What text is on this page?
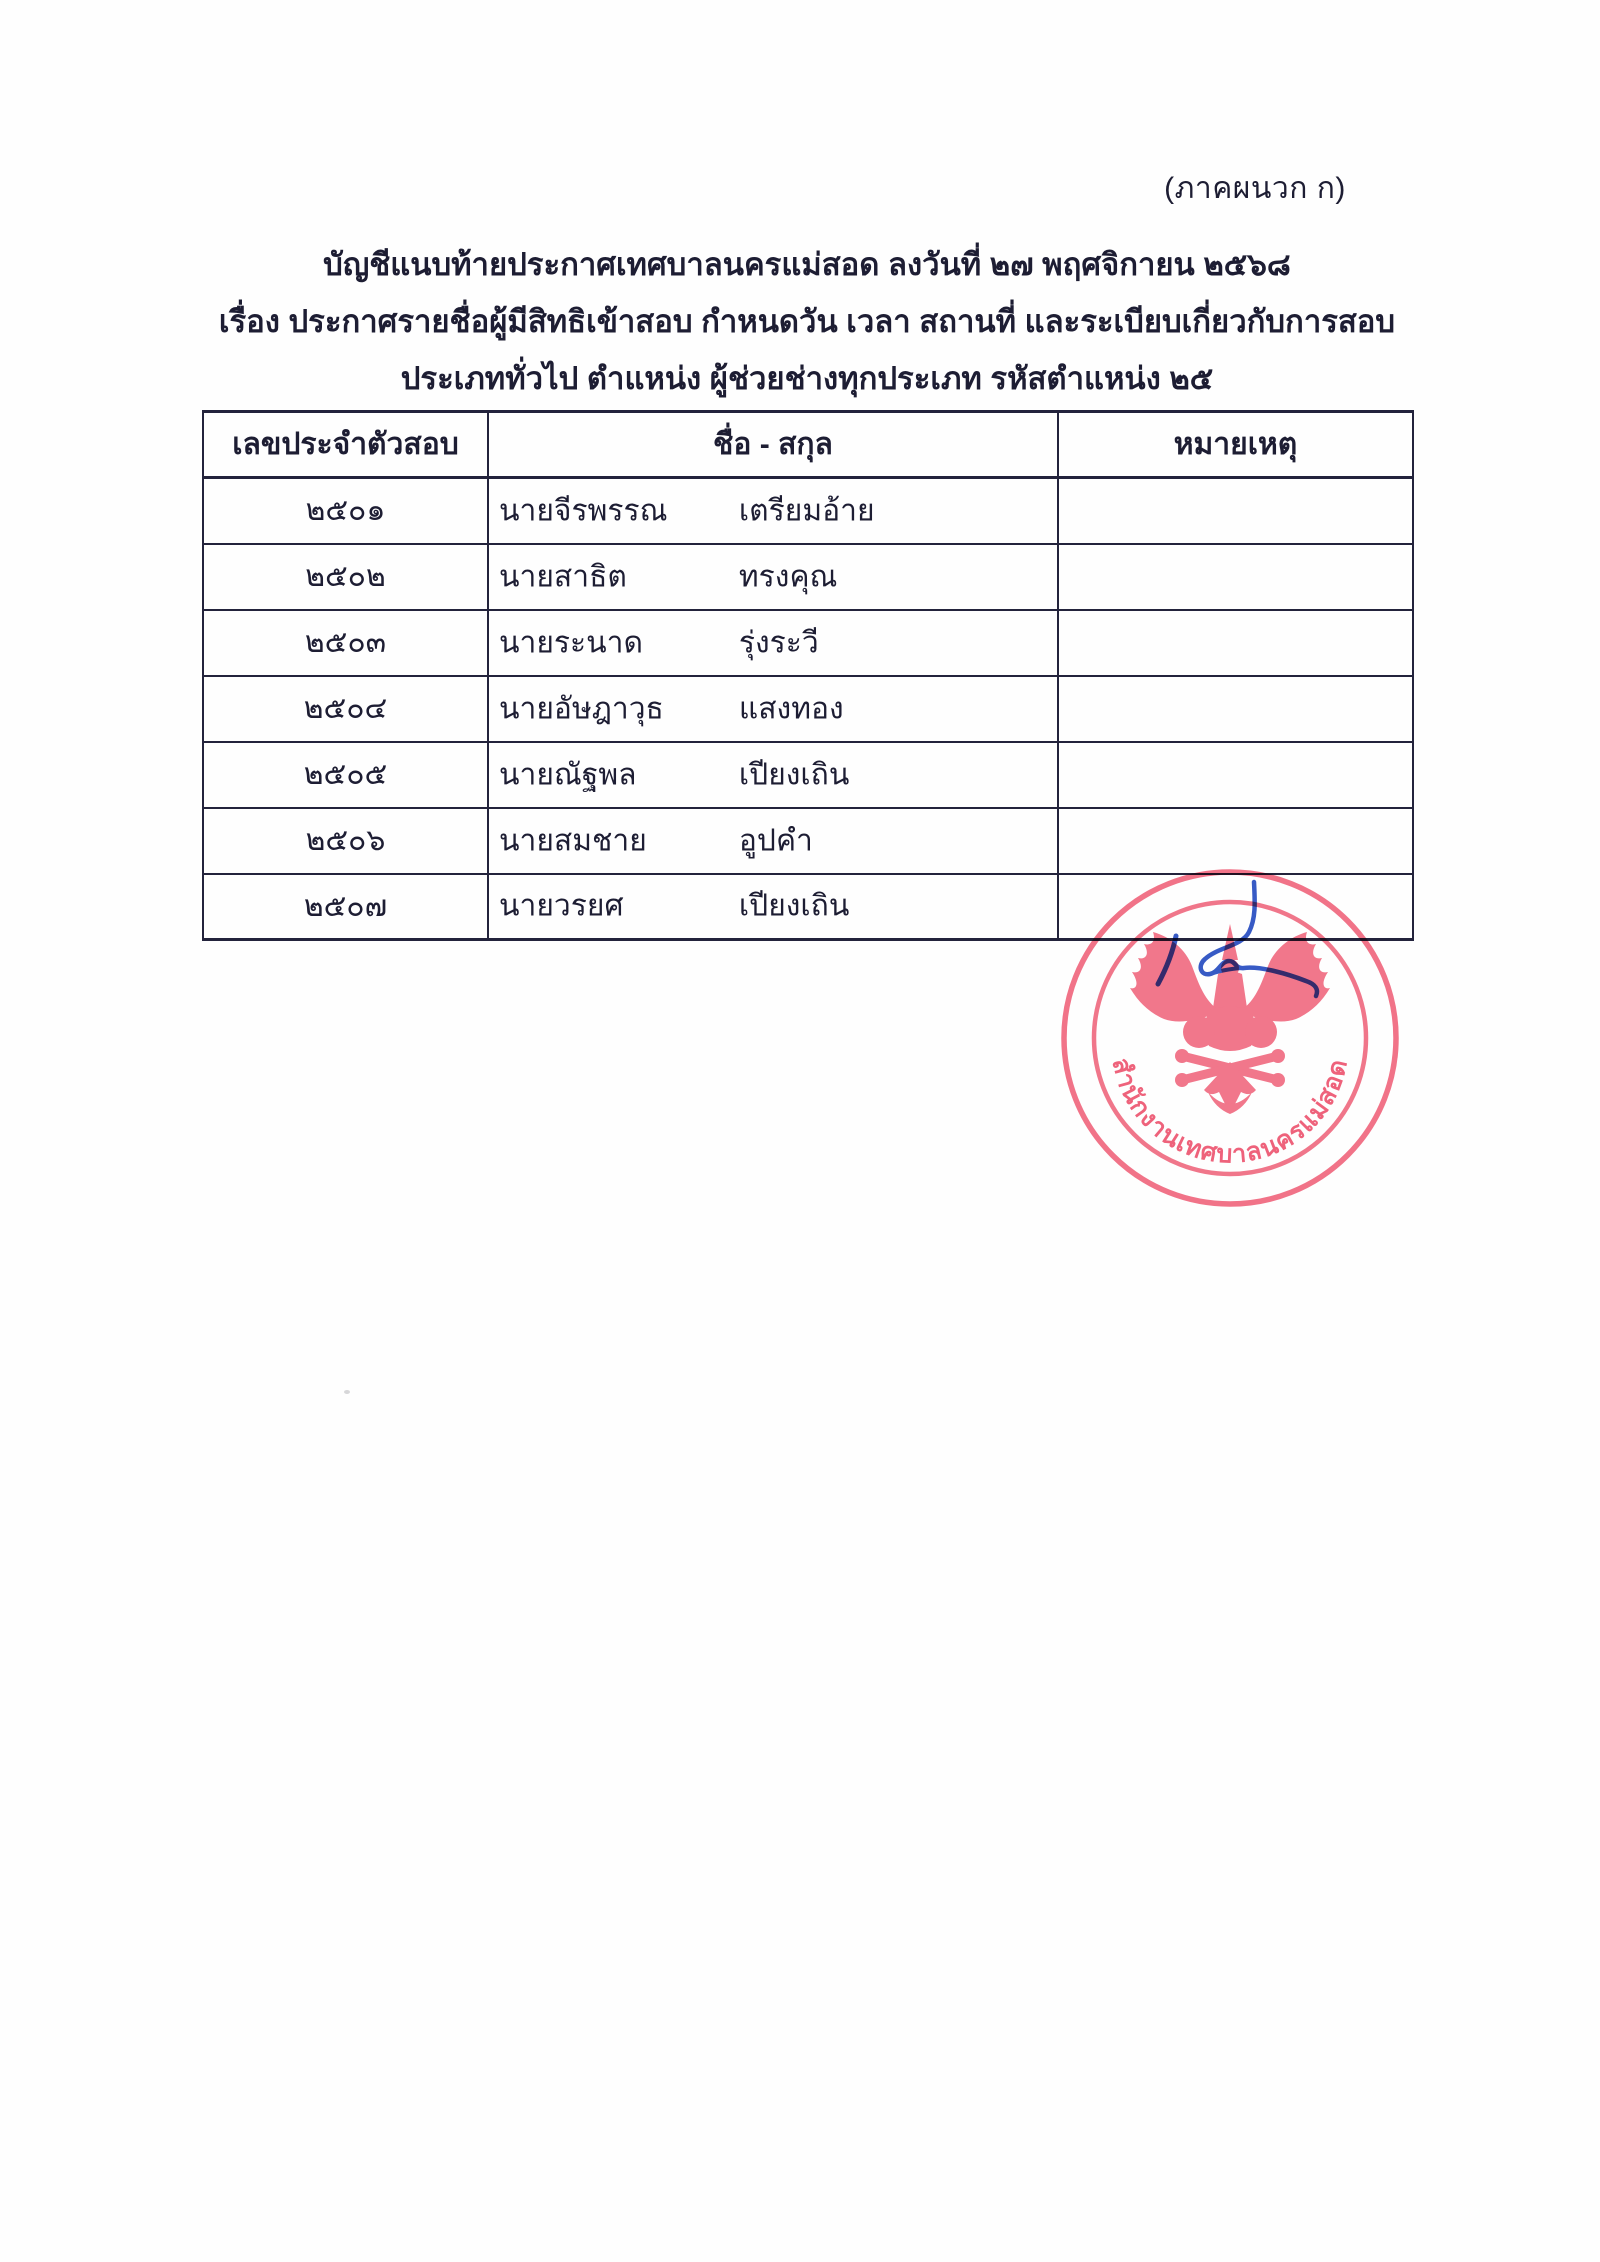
(ภาคผนวก ก)
บัญชีแนบท้ายประกาศเทศบาลนครแม่สอด ลงวันที่ ๒๗ พฤศจิกายน ๒๕๖๘
เรื่อง ประกาศรายชื่อผู้มีสิทธิเข้าสอบ กำหนดวัน เวลา สถานที่ และระเบียบเกี่ยวกับการสอบ
ประเภททั่วไป ตำแหน่ง ผู้ช่วยช่างทุกประเภท รหัสตำแหน่ง ๒๕
เลขประจำตัวสอบ	ชื่อ - สกุล	หมายเหตุ
๒๕๐๑	นายจีรพรรณ เตรียมอ้าย	

๒๕๐๒	นายสาธิต ทรงคุณ	

๒๕๐๓	นายระนาด รุ่งระวี	

๒๕๐๔	นายอัษฎาวุธ แสงทอง	

๒๕๐๕	นายณัฐพล เปียงเถิน	

๒๕๐๖	นายสมชาย อูปคำ	

๒๕๐๗	นายวรยศ เปียงเถิน	

สำนักงานเทศบาลนครแม่สอด
